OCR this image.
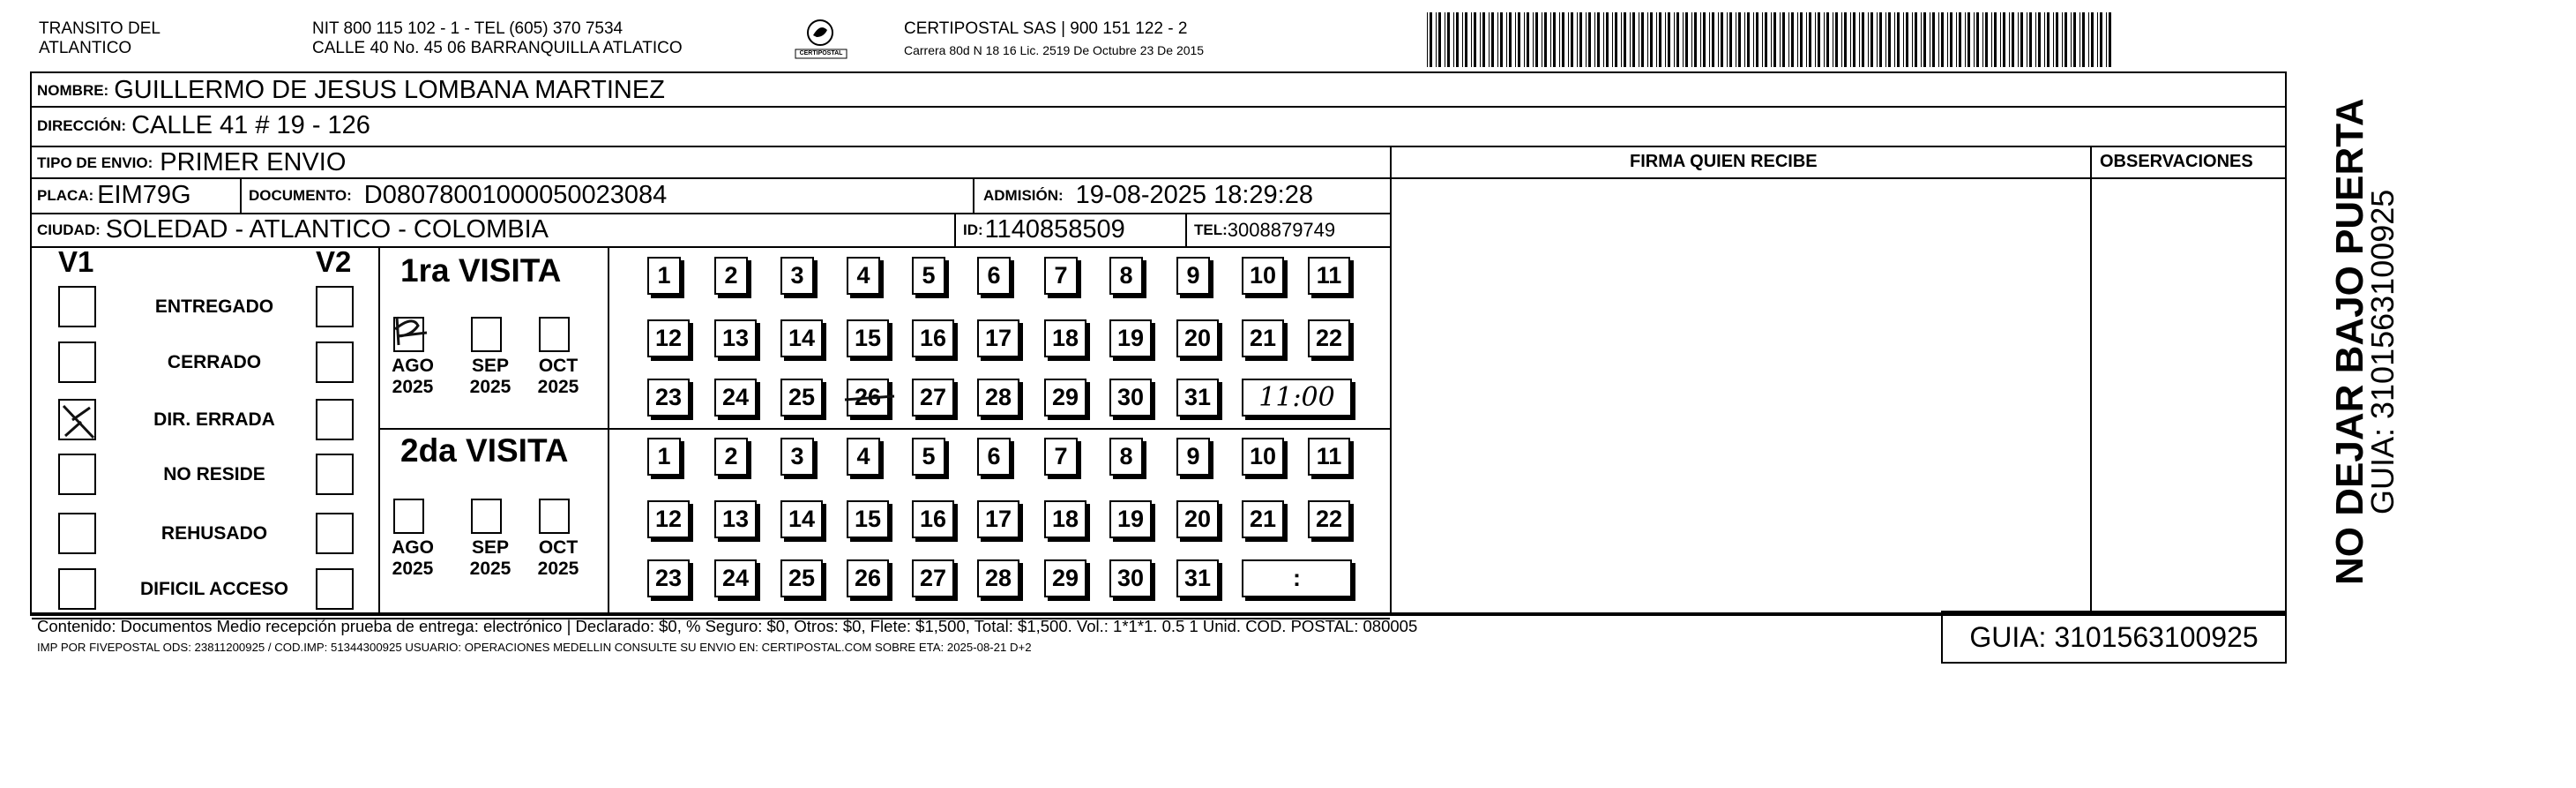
TRANSITO DEL
ATLANTICO
NIT 800 115 102 - 1 - TEL (605) 370 7534
CALLE 40 No. 45 06 BARRANQUILLA ATLATICO	CERTIPOSTAL
CERTIPOSTAL SAS | 900 151 122 - 2
Carrera 80d N 18 16 Lic. 2519 De Octubre 23 De 2015
NOMBRE: GUILLERMO DE JESUS LOMBANA MARTINEZ
DIRECCIÓN: CALLE 41 # 19 - 126
TIPO DE ENVIO: PRIMER ENVIO
PLACA: EIM79G	DOCUMENTO: D08078001000050023084	ADMISIÓN: 19-08-2025 18:29:28
CIUDAD: SOLEDAD - ATLANTICO - COLOMBIA	ID: 1140858509	TEL: 3008879749
FIRMA QUIEN RECIBE	OBSERVACIONES
V1	V2
ENTREGADO
CERRADO
DIR. ERRADA
NO RESIDE
REHUSADO
DIFICIL ACCESO
1ra VISITA
2da VISITA
AGO
2025
SEP
2025
OCT
2025
AGO
2025
SEP
2025
OCT
2025
1 2 3 4 5 6 7 8 9 10 11
12 13 14 15 16 17 18 19 20 21 22
23 24 25 26 27 28 29 30 31 11:00
1 2 3 4 5 6 7 8 9 10 11
12 13 14 15 16 17 18 19 20 21 22
23 24 25 26 27 28 29 30 31	:
Contenido: Documentos Medio recepción prueba de entrega: electrónico | Declarado: $0, % Seguro: $0, Otros: $0, Flete: $1,500, Total: $1,500. Vol.: 1*1*1. 0.5 1 Unid. COD. POSTAL: 080005
IMP POR FIVEPOSTAL ODS: 23811200925 / COD.IMP: 51344300925 USUARIO: OPERACIONES MEDELLIN CONSULTE SU ENVIO EN: CERTIPOSTAL.COM SOBRE ETA: 2025-08-21 D+2	GUIA: 3101563100925
NO DEJAR BAJO PUERTA
GUIA: 3101563100925
